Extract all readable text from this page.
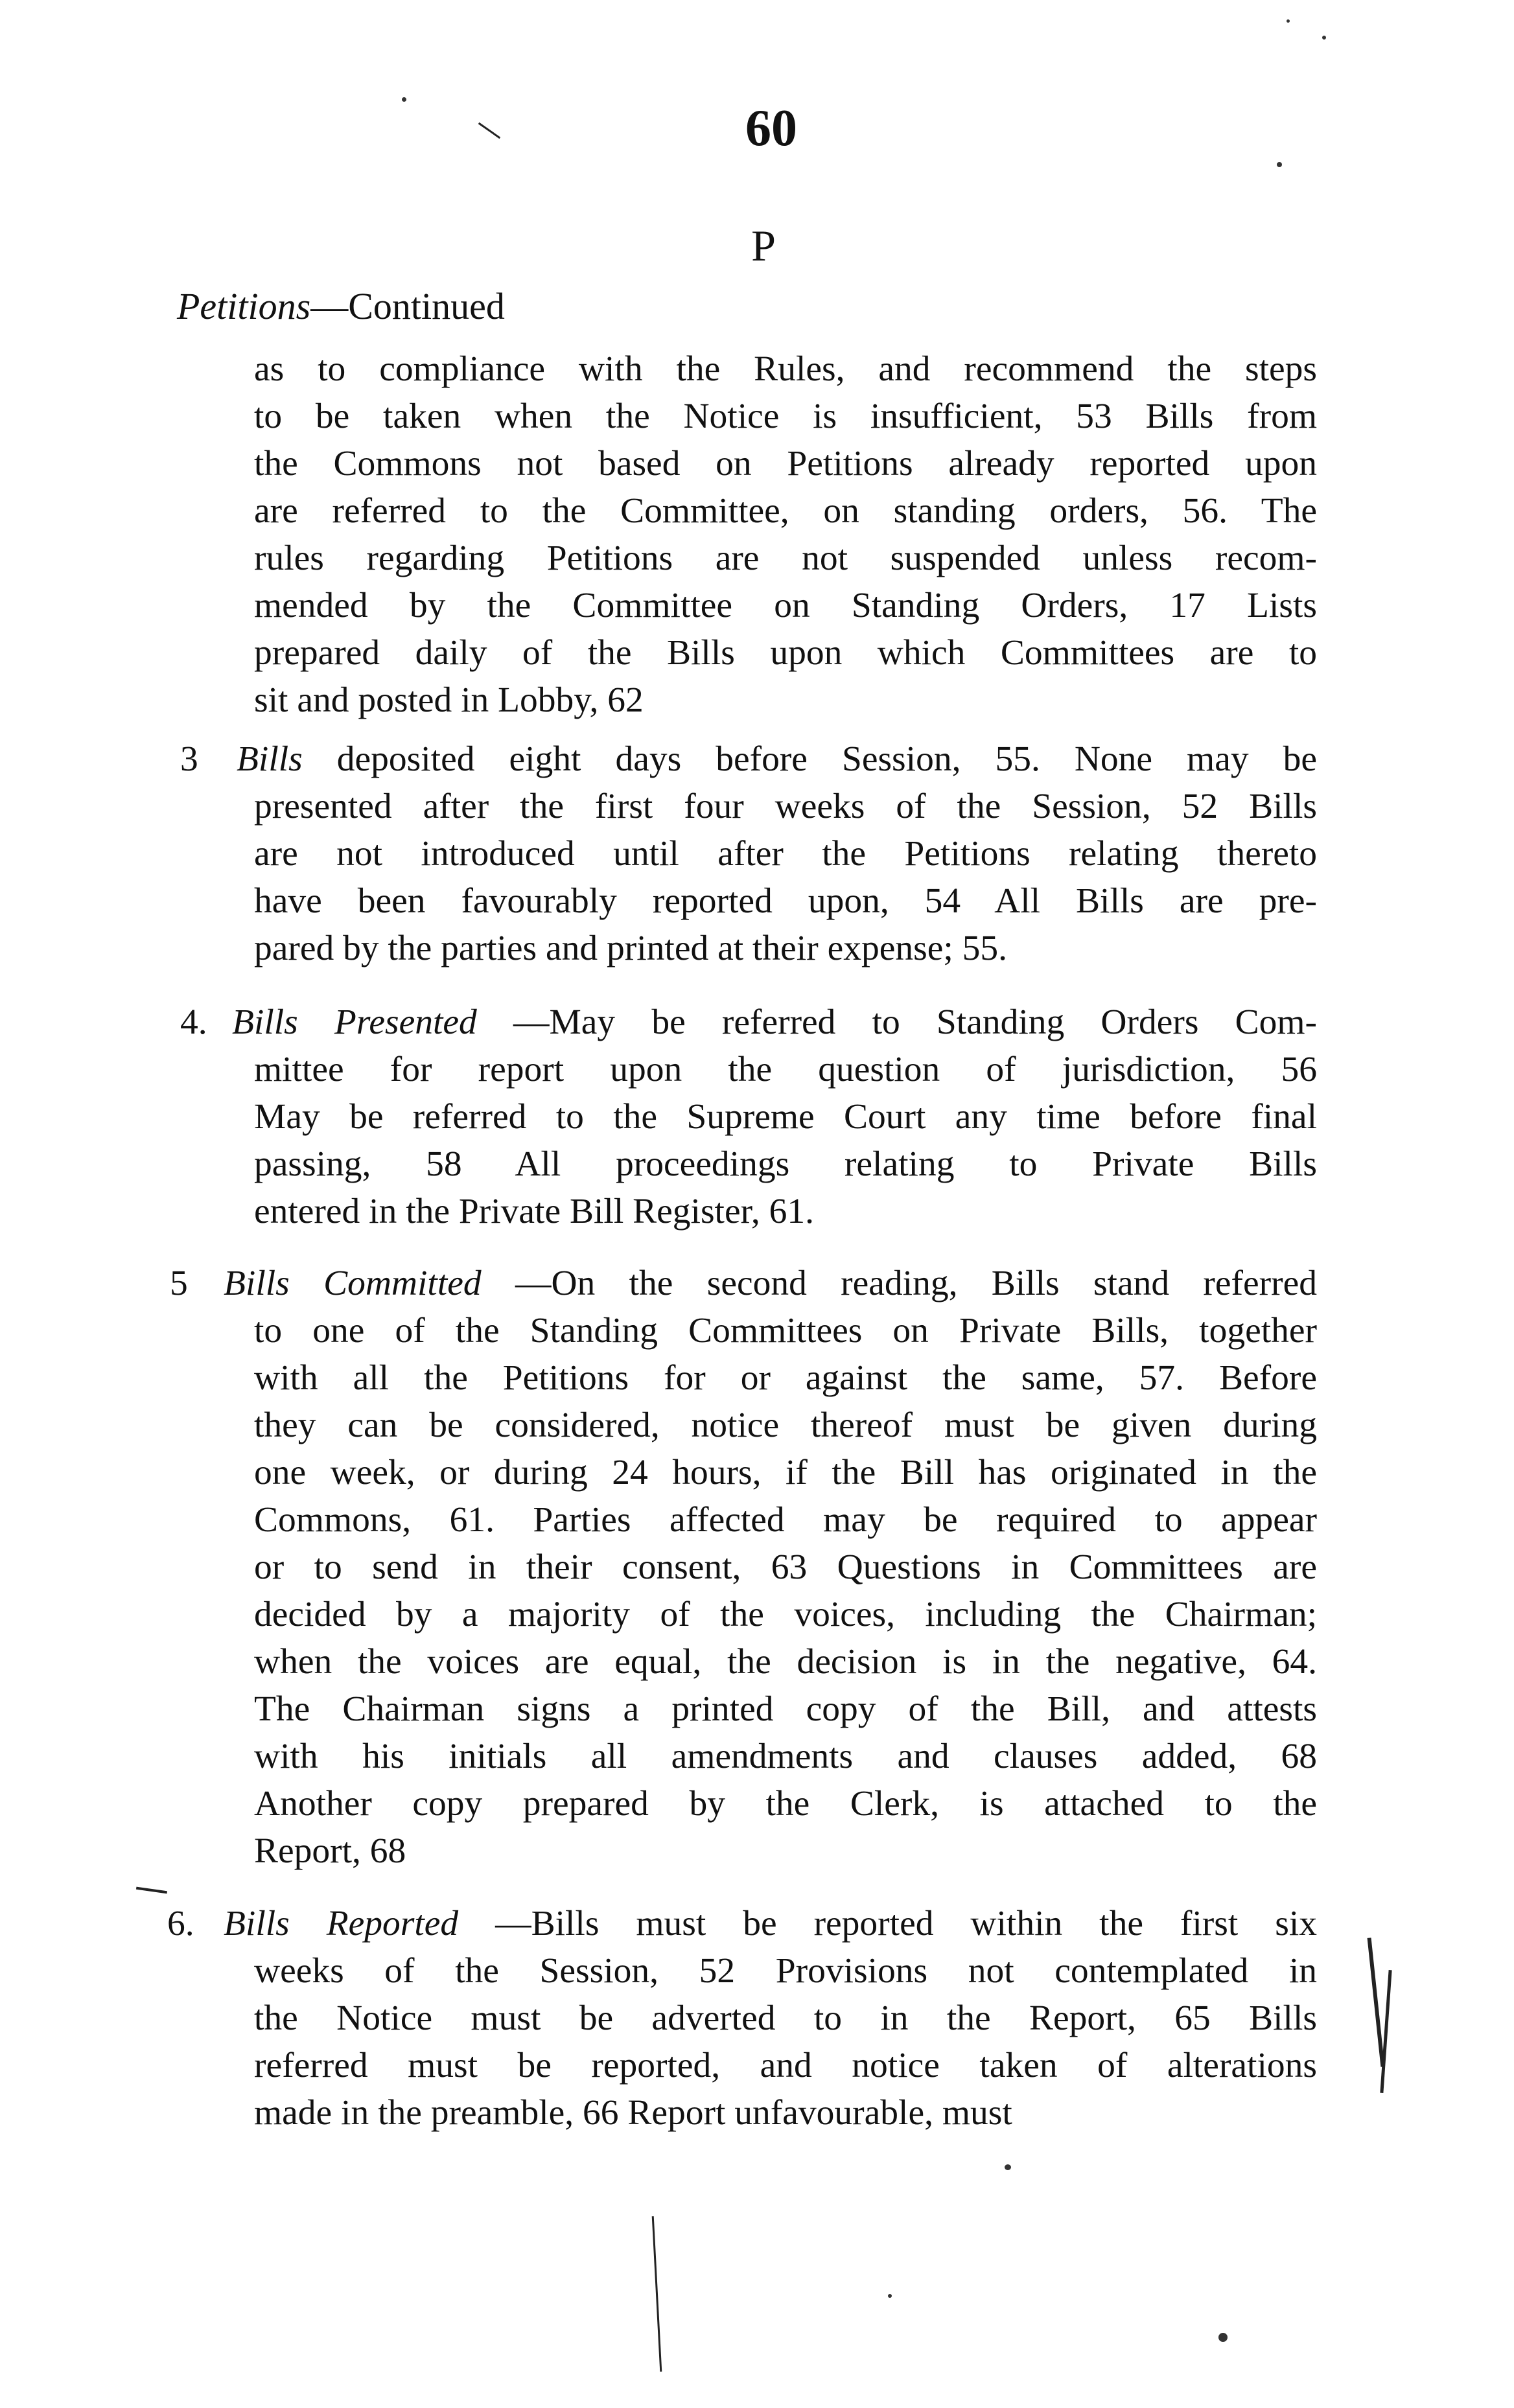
60
P
Petitions—Continued
as to compliance with the Rules, and recommend the steps
to be taken when the Notice is insufficient, 53 Bills from
the Commons not based on Petitions already reported upon
are referred to the Committee, on standing orders, 56. The
rules regarding Petitions are not suspended unless recom-
mended by the Committee on Standing Orders, 17 Lists
prepared daily of the Bills upon which Committees are to
sit and posted in Lobby, 62
3 Bills deposited eight days before Session, 55. None may be
presented after the first four weeks of the Session, 52 Bills
are not introduced until after the Petitions relating thereto
have been favourably reported upon, 54 All Bills are pre-
pared by the parties and printed at their expense; 55.
4. Bills Presented —May be referred to Standing Orders Com-
mittee for report upon the question of jurisdiction, 56
May be referred to the Supreme Court any time before final
passing, 58 All proceedings relating to Private Bills
entered in the Private Bill Register, 61.
5 Bills Committed —On the second reading, Bills stand referred
to one of the Standing Committees on Private Bills, together
with all the Petitions for or against the same, 57. Before
they can be considered, notice thereof must be given during
one week, or during 24 hours, if the Bill has originated in the
Commons, 61. Parties affected may be required to appear
or to send in their consent, 63 Questions in Committees are
decided by a majority of the voices, including the Chairman;
when the voices are equal, the decision is in the negative, 64.
The Chairman signs a printed copy of the Bill, and attests
with his initials all amendments and clauses added, 68
Another copy prepared by the Clerk, is attached to the
Report, 68
6. Bills Reported —Bills must be reported within the first six
weeks of the Session, 52 Provisions not contemplated in
the Notice must be adverted to in the Report, 65 Bills
referred must be reported, and notice taken of alterations
made in the preamble, 66 Report unfavourable, must
